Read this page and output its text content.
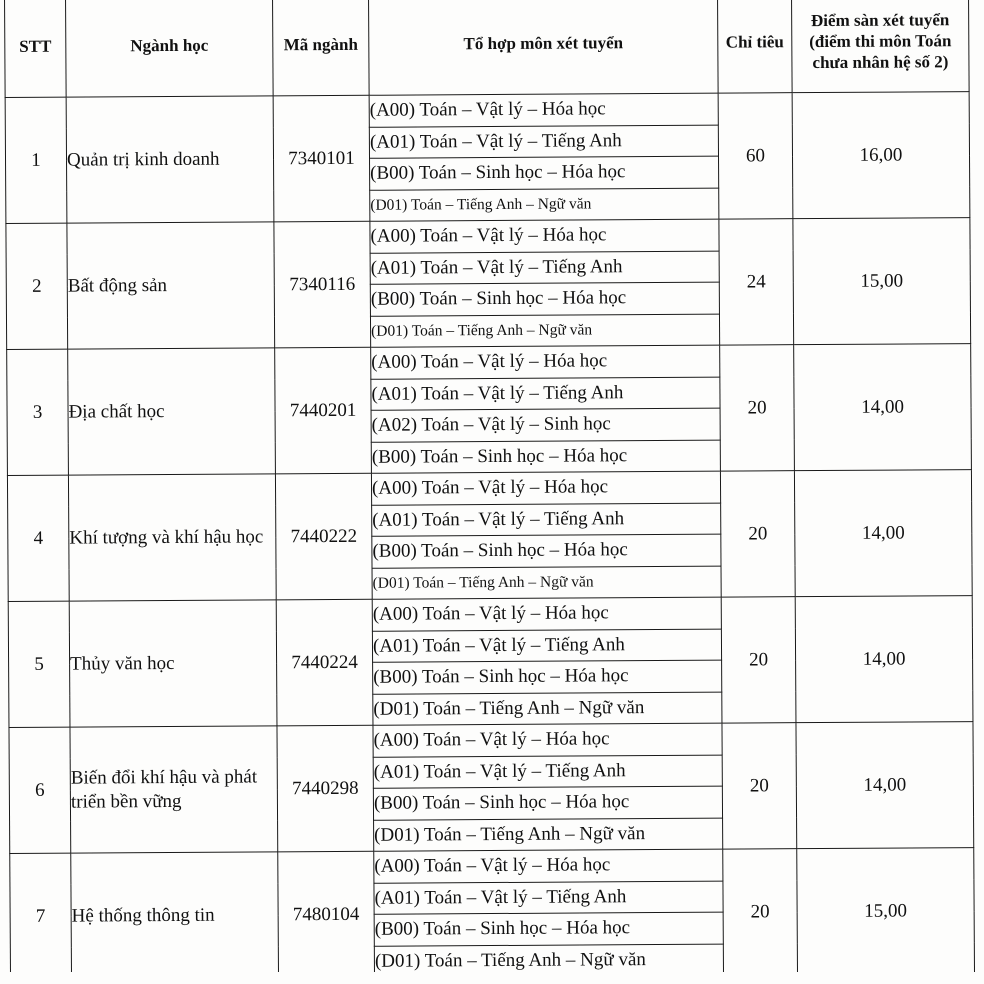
STT	Ngành học	Mã ngành	Tổ hợp môn xét tuyển	Chỉ tiêu	Điểm sàn xét tuyển (điểm thi môn Toán chưa nhân hệ số 2)
1	Quản trị kinh doanh	7340101	(A00) Toán – Vật lý – Hóa học	60	16,00
			(A01) Toán – Vật lý – Tiếng Anh		
			(B00) Toán – Sinh học – Hóa học		
			(D01) Toán – Tiếng Anh – Ngữ văn		
2	Bất động sản	7340116	(A00) Toán – Vật lý – Hóa học	24	15,00
			(A01) Toán – Vật lý – Tiếng Anh		
			(B00) Toán – Sinh học – Hóa học		
			(D01) Toán – Tiếng Anh – Ngữ văn		
3	Địa chất học	7440201	(A00) Toán – Vật lý – Hóa học	20	14,00
			(A01) Toán – Vật lý – Tiếng Anh		
			(A02) Toán – Vật lý – Sinh học		
			(B00) Toán – Sinh học – Hóa học		
4	Khí tượng và khí hậu học	7440222	(A00) Toán – Vật lý – Hóa học	20	14,00
			(A01) Toán – Vật lý – Tiếng Anh		
			(B00) Toán – Sinh học – Hóa học		
			(D01) Toán – Tiếng Anh – Ngữ văn		
5	Thủy văn học	7440224	(A00) Toán – Vật lý – Hóa học	20	14,00
			(A01) Toán – Vật lý – Tiếng Anh		
			(B00) Toán – Sinh học – Hóa học		
			(D01) Toán – Tiếng Anh – Ngữ văn		
6	Biến đổi khí hậu và phát triển bền vững	7440298	(A00) Toán – Vật lý – Hóa học	20	14,00
			(A01) Toán – Vật lý – Tiếng Anh		
			(B00) Toán – Sinh học – Hóa học		
			(D01) Toán – Tiếng Anh – Ngữ văn		
7	Hệ thống thông tin	7480104	(A00) Toán – Vật lý – Hóa học	20	15,00
			(A01) Toán – Vật lý – Tiếng Anh		
			(B00) Toán – Sinh học – Hóa học		
			(D01) Toán – Tiếng Anh – Ngữ văn		
